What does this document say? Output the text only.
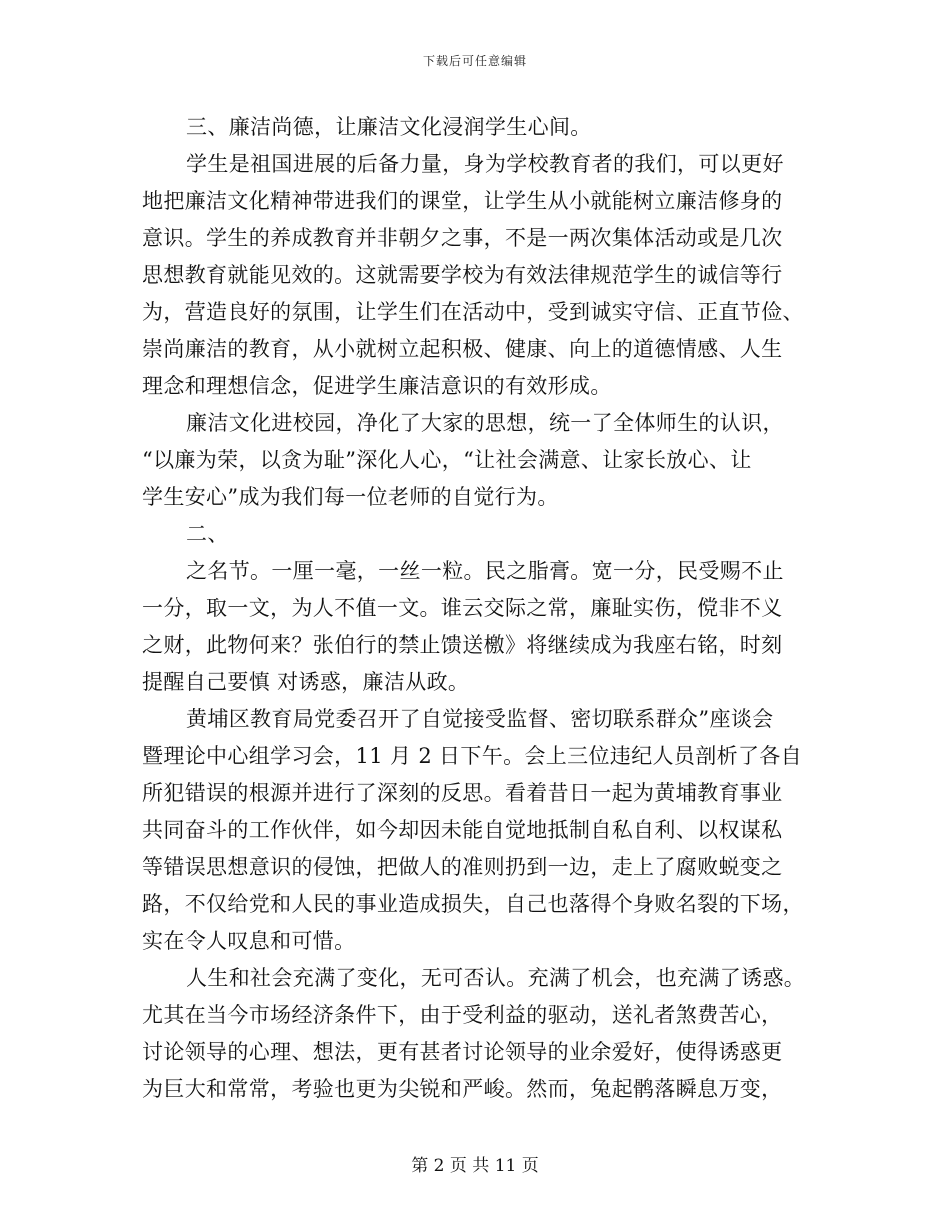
下载后可任意编辑
三、廉洁尚德，让廉洁文化浸润学生心间。
学生是祖国进展的后备力量，身为学校教育者的我们，可以更好
地把廉洁文化精神带进我们的课堂，让学生从小就能树立廉洁修身的
意识。学生的养成教育并非朝夕之事，不是一两次集体活动或是几次
思想教育就能见效的。这就需要学校为有效法律规范学生的诚信等行
为，营造良好的氛围，让学生们在活动中，受到诚实守信、正直节俭、
崇尚廉洁的教育，从小就树立起积极、健康、向上的道德情感、人生
理念和理想信念，促进学生廉洁意识的有效形成。
廉洁文化进校园，净化了大家的思想，统一了全体师生的认识，
“以廉为荣，以贪为耻”深化人心，“让社会满意、让家长放心、让
学生安心”成为我们每一位老师的自觉行为。
二、
之名节。一厘一毫，一丝一粒。民之脂膏。宽一分，民受赐不止
一分，取一文，为人不值一文。谁云交际之常，廉耻实伤，傥非不义
之财，此物何来？张伯行的禁止馈送檄》将继续成为我座右铭，时刻
提醒自己要慎 对诱惑，廉洁从政。
黄埔区教育局党委召开了自觉接受监督、密切联系群众”座谈会
暨理论中心组学习会，11 月 2 日下午。会上三位违纪人员剖析了各自
所犯错误的根源并进行了深刻的反思。看着昔日一起为黄埔教育事业
共同奋斗的工作伙伴，如今却因未能自觉地抵制自私自利、以权谋私
等错误思想意识的侵蚀，把做人的准则扔到一边，走上了腐败蜕变之
路，不仅给党和人民的事业造成损失，自己也落得个身败名裂的下场，
实在令人叹息和可惜。
人生和社会充满了变化，无可否认。充满了机会，也充满了诱惑。
尤其在当今市场经济条件下，由于受利益的驱动，送礼者煞费苦心，
讨论领导的心理、想法，更有甚者讨论领导的业余爱好，使得诱惑更
为巨大和常常，考验也更为尖锐和严峻。然而，兔起鹘落瞬息万变，
第 2 页 共 11 页
